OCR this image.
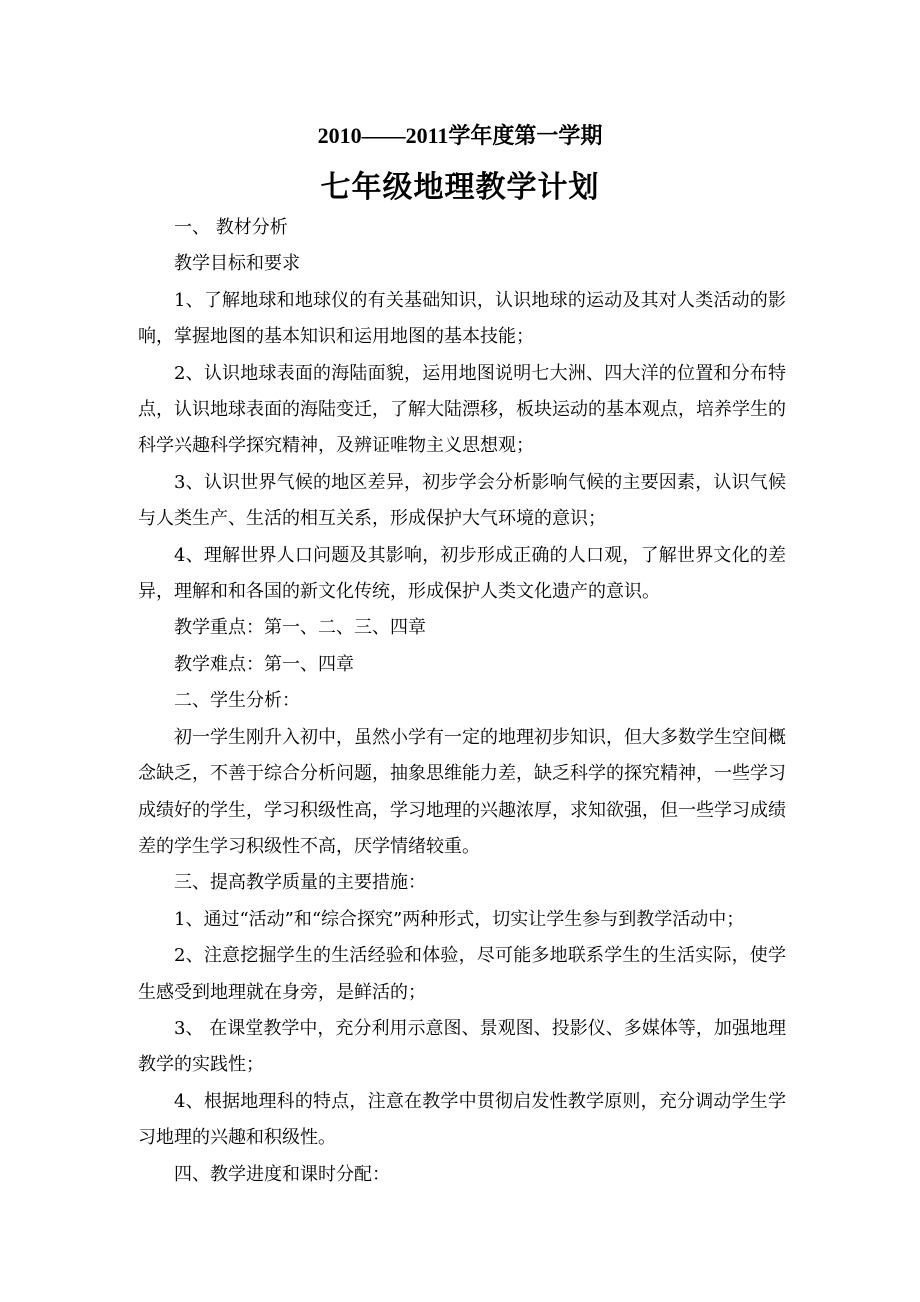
2010——2011学年度第一学期
七年级地理教学计划

一、 教材分析

教学目标和要求

1、了解地球和地球仪的有关基础知识，认识地球的运动及其对人类活动的影响，掌握地图的基本知识和运用地图的基本技能；

2、认识地球表面的海陆面貌，运用地图说明七大洲、四大洋的位置和分布特点，认识地球表面的海陆变迁，了解大陆漂移，板块运动的基本观点，培养学生的科学兴趣科学探究精神，及辨证唯物主义思想观；

3、认识世界气候的地区差异，初步学会分析影响气候的主要因素，认识气候与人类生产、生活的相互关系，形成保护大气环境的意识；

4、理解世界人口问题及其影响，初步形成正确的人口观，了解世界文化的差异，理解和和各国的新文化传统，形成保护人类文化遗产的意识。

教学重点：第一、二、三、四章

教学难点：第一、四章

二、学生分析：

初一学生刚升入初中，虽然小学有一定的地理初步知识，但大多数学生空间概念缺乏，不善于综合分析问题，抽象思维能力差，缺乏科学的探究精神，一些学习成绩好的学生，学习积级性高，学习地理的兴趣浓厚，求知欲强，但一些学习成绩差的学生学习积级性不高，厌学情绪较重。

三、提高教学质量的主要措施：

1、通过“活动”和“综合探究”两种形式，切实让学生参与到教学活动中；

2、注意挖掘学生的生活经验和体验，尽可能多地联系学生的生活实际，使学生感受到地理就在身旁，是鲜活的；

3、 在课堂教学中，充分利用示意图、景观图、投影仪、多媒体等，加强地理教学的实践性；

4、根据地理科的特点，注意在教学中贯彻启发性教学原则，充分调动学生学习地理的兴趣和积级性。

四、教学进度和课时分配：
